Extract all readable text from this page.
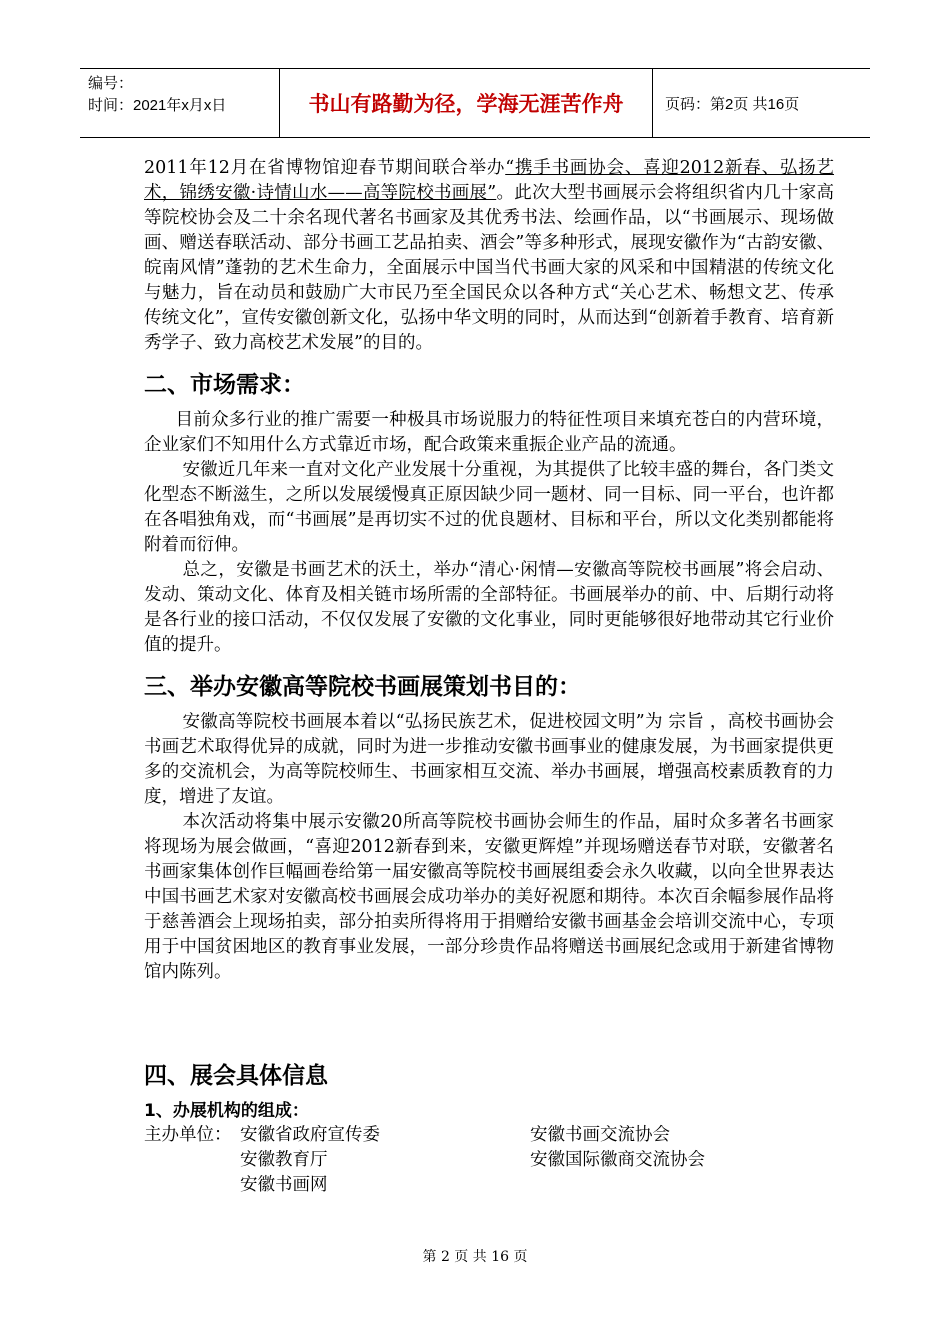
编号：
时间：2021年x月x日	书山有路勤为径，学海无涯苦作舟	页码：第2页 共16页

2011年12月在省博物馆迎春节期间联合举办“携手书画协会、喜迎2012新春、弘扬艺术，锦绣安徽·诗情山水——高等院校书画展”。此次大型书画展示会将组织省内几十家高等院校协会及二十余名现代著名书画家及其优秀书法、绘画作品，以“书画展示、现场做画、赠送春联活动、部分书画工艺品拍卖、酒会”等多种形式，展现安徽作为“古韵安徽、皖南风情”蓬勃的艺术生命力，全面展示中国当代书画大家的风采和中国精湛的传统文化与魅力，旨在动员和鼓励广大市民乃至全国民众以各种方式“关心艺术、畅想文艺、传承传统文化”，宣传安徽创新文化，弘扬中华文明的同时，从而达到“创新着手教育、培育新秀学子、致力高校艺术发展”的目的。

二、市场需求：

目前众多行业的推广需要一种极具市场说服力的特征性项目来填充苍白的内营环境，企业家们不知用什么方式靠近市场，配合政策来重振企业产品的流通。

安徽近几年来一直对文化产业发展十分重视，为其提供了比较丰盛的舞台，各门类文化型态不断滋生，之所以发展缓慢真正原因缺少同一题材、同一目标、同一平台，也许都在各唱独角戏，而“书画展”是再切实不过的优良题材、目标和平台，所以文化类别都能将附着而衍伸。

总之，安徽是书画艺术的沃土，举办“清心·闲情—安徽高等院校书画展”将会启动、发动、策动文化、体育及相关链市场所需的全部特征。书画展举办的前、中、后期行动将是各行业的接口活动，不仅仅发展了安徽的文化事业，同时更能够很好地带动其它行业价值的提升。

三、举办安徽高等院校书画展策划书目的：

安徽高等院校书画展本着以“弘扬民族艺术，促进校园文明”为 宗旨 ，高校书画协会书画艺术取得优异的成就，同时为进一步推动安徽书画事业的健康发展，为书画家提供更多的交流机会，为高等院校师生、书画家相互交流、举办书画展，增强高校素质教育的力度，增进了友谊。

本次活动将集中展示安徽20所高等院校书画协会师生的作品，届时众多著名书画家将现场为展会做画，“喜迎2012新春到来，安徽更辉煌”并现场赠送春节对联，安徽著名书画家集体创作巨幅画卷给第一届安徽高等院校书画展组委会永久收藏，以向全世界表达中国书画艺术家对安徽高校书画展会成功举办的美好祝愿和期待。本次百余幅参展作品将于慈善酒会上现场拍卖，部分拍卖所得将用于捐赠给安徽书画基金会培训交流中心，专项用于中国贫困地区的教育事业发展，一部分珍贵作品将赠送书画展纪念或用于新建省博物馆内陈列。

四、展会具体信息
1、办展机构的组成：
主办单位： 安徽省政府宣传委	安徽书画交流协会
安徽教育厅	安徽国际徽商交流协会
安徽书画网
第 2 页 共 16 页
